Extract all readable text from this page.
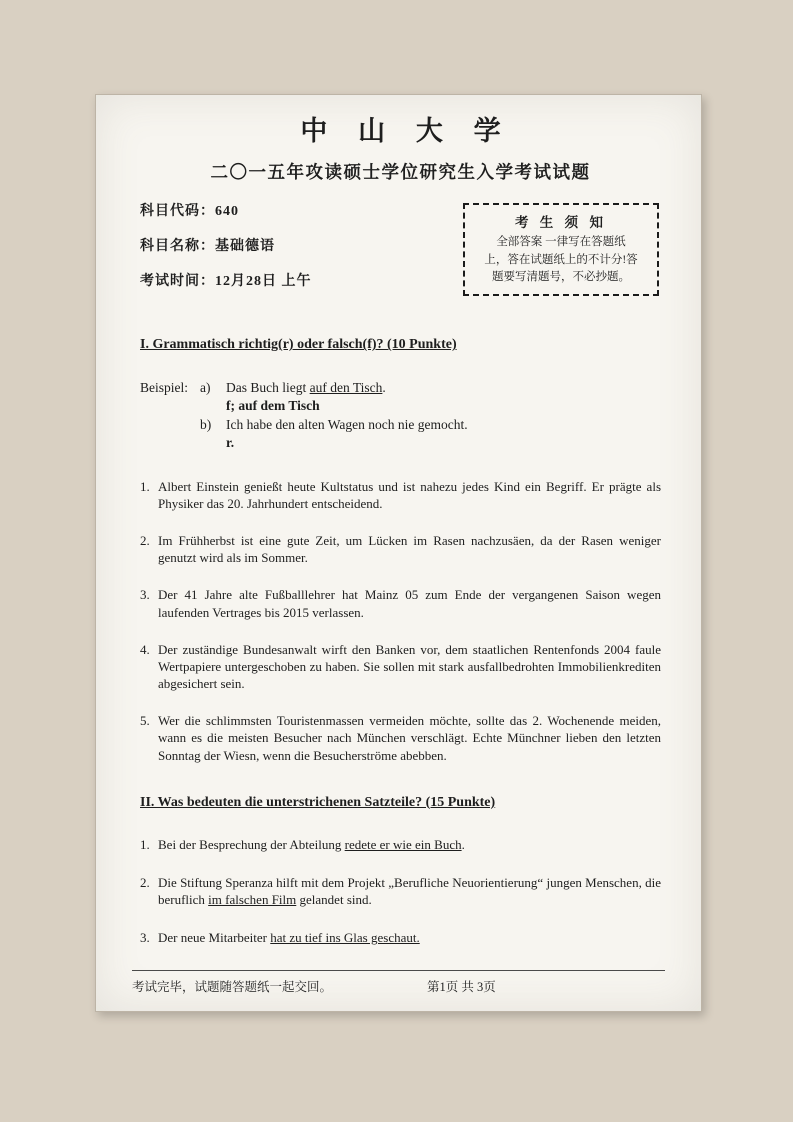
中 山 大 学
二〇一五年攻读硕士学位研究生入学考试试题
科目代码：640
科目名称：基础德语
考试时间：12月28日 上午
考 生 须 知
全部答案 一律写在答题纸
上，答在试题纸上的不计分!答
题要写清题号，不必抄题。
I. Grammatisch richtig(r) oder falsch(f)? (10 Punkte)
Beispiel: a)	Das Buch liegt auf den Tisch.
f; auf dem Tisch
b)	Ich habe den alten Wagen noch nie gemocht.
r.
1. Albert Einstein genießt heute Kultstatus und ist nahezu jedes Kind ein Begriff. Er prägte als Physiker das 20. Jahrhundert entscheidend.
2. Im Frühherbst ist eine gute Zeit, um Lücken im Rasen nachzusäen, da der Rasen weniger genutzt wird als im Sommer.
3. Der 41 Jahre alte Fußballlehrer hat Mainz 05 zum Ende der vergangenen Saison wegen laufenden Vertrages bis 2015 verlassen.
4. Der zuständige Bundesanwalt wirft den Banken vor, dem staatlichen Rentenfonds 2004 faule Wertpapiere untergeschoben zu haben. Sie sollen mit stark ausfallbedrohten Immobilienkrediten abgesichert sein.
5. Wer die schlimmsten Touristenmassen vermeiden möchte, sollte das 2. Wochenende meiden, wann es die meisten Besucher nach München verschlägt. Echte Münchner lieben den letzten Sonntag der Wiesn, wenn die Besucherströme abebben.
II. Was bedeuten die unterstrichenen Satzteile? (15 Punkte)
1. Bei der Besprechung der Abteilung redete er wie ein Buch.
2. Die Stiftung Speranza hilft mit dem Projekt „Berufliche Neuorientierung“ jungen Menschen, die beruflich im falschen Film gelandet sind.
3. Der neue Mitarbeiter hat zu tief ins Glas geschaut.
考试完毕，试题随答题纸一起交回。	第1页 共 3页
